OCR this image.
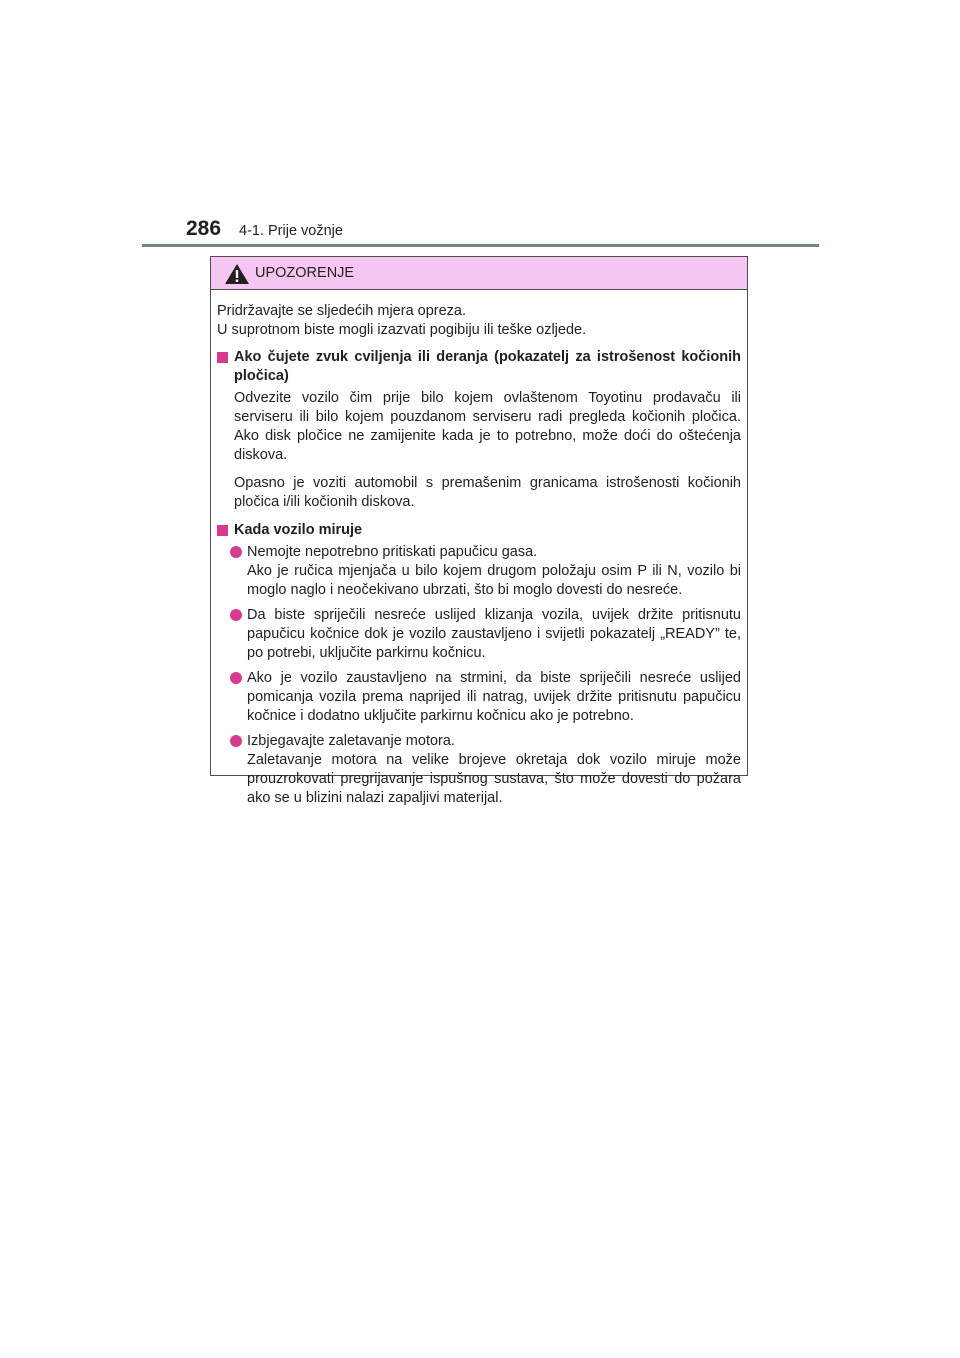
286 4-1. Prije vožnje
UPOZORENJE

Pridržavajte se sljedećih mjera opreza.
U suprotnom biste mogli izazvati pogibiju ili teške ozljede.

Ako čujete zvuk cviljenja ili deranja (pokazatelj za istrošenost kočionih pločica)

Odvezite vozilo čim prije bilo kojem ovlaštenom Toyotinu prodavaču ili serviseru ili bilo kojem pouzdanom serviseru radi pregleda kočionih pločica. Ako disk pločice ne zamijenite kada je to potrebno, može doći do oštećenja diskova.

Opasno je voziti automobil s premašenim granicama istrošenosti kočionih pločica i/ili kočionih diskova.

Kada vozilo miruje

Nemojte nepotrebno pritiskati papučicu gasa.
Ako je ručica mjenjača u bilo kojem drugom položaju osim P ili N, vozilo bi moglo naglo i neočekivano ubrzati, što bi moglo dovesti do nesreće.
Da biste spriječili nesreće uslijed klizanja vozila, uvijek držite pritisnutu papučicu kočnice dok je vozilo zaustavljeno i svijetli pokazatelj „READY” te, po potrebi, uključite parkirnu kočnicu.
Ako je vozilo zaustavljeno na strmini, da biste spriječili nesreće uslijed pomicanja vozila prema naprijed ili natrag, uvijek držite pritisnutu papučicu kočnice i dodatno uključite parkirnu kočnicu ako je potrebno.
Izbjegavajte zaletavanje motora.
Zaletavanje motora na velike brojeve okretaja dok vozilo miruje može prouzrokovati pregrijavanje ispušnog sustava, što može dovesti do požara ako se u blizini nalazi zapaljivi materijal.
